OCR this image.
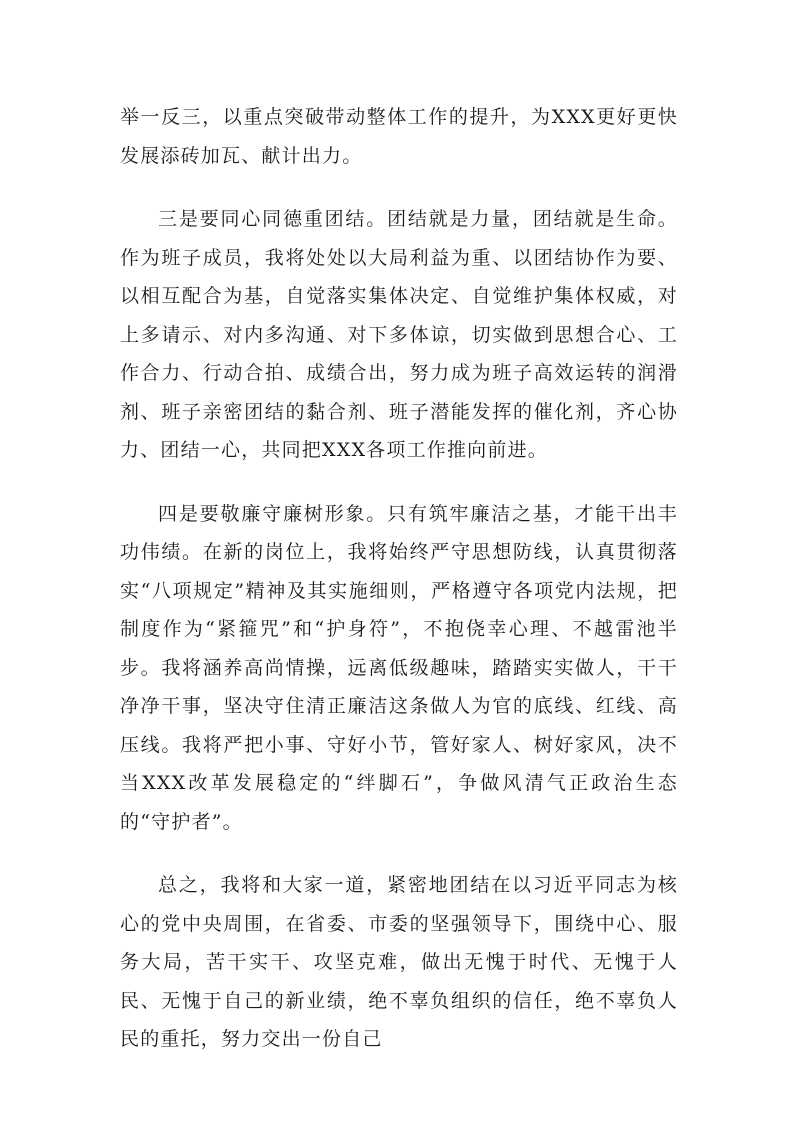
举一反三，以重点突破带动整体工作的提升，为XXX更好更快发展添砖加瓦、献计出力。

三是要同心同德重团结。团结就是力量，团结就是生命。作为班子成员，我将处处以大局利益为重、以团结协作为要、以相互配合为基，自觉落实集体决定、自觉维护集体权威，对上多请示、对内多沟通、对下多体谅，切实做到思想合心、工作合力、行动合拍、成绩合出，努力成为班子高效运转的润滑剂、班子亲密团结的黏合剂、班子潜能发挥的催化剂，齐心协力、团结一心，共同把XXX各项工作推向前进。

四是要敬廉守廉树形象。只有筑牢廉洁之基，才能干出丰功伟绩。在新的岗位上，我将始终严守思想防线，认真贯彻落实“八项规定”精神及其实施细则，严格遵守各项党内法规，把制度作为“紧箍咒”和“护身符”，不抱侥幸心理、不越雷池半步。我将涵养高尚情操，远离低级趣味，踏踏实实做人，干干净净干事，坚决守住清正廉洁这条做人为官的底线、红线、高压线。我将严把小事、守好小节，管好家人、树好家风，决不当XXX改革发展稳定的“绊脚石”，争做风清气正政治生态的“守护者”。

总之，我将和大家一道，紧密地团结在以习近平同志为核心的党中央周围，在省委、市委的坚强领导下，围绕中心、服务大局，苦干实干、攻坚克难，做出无愧于时代、无愧于人民、无愧于自己的新业绩，绝不辜负组织的信任，绝不辜负人民的重托，努力交出一份自己
